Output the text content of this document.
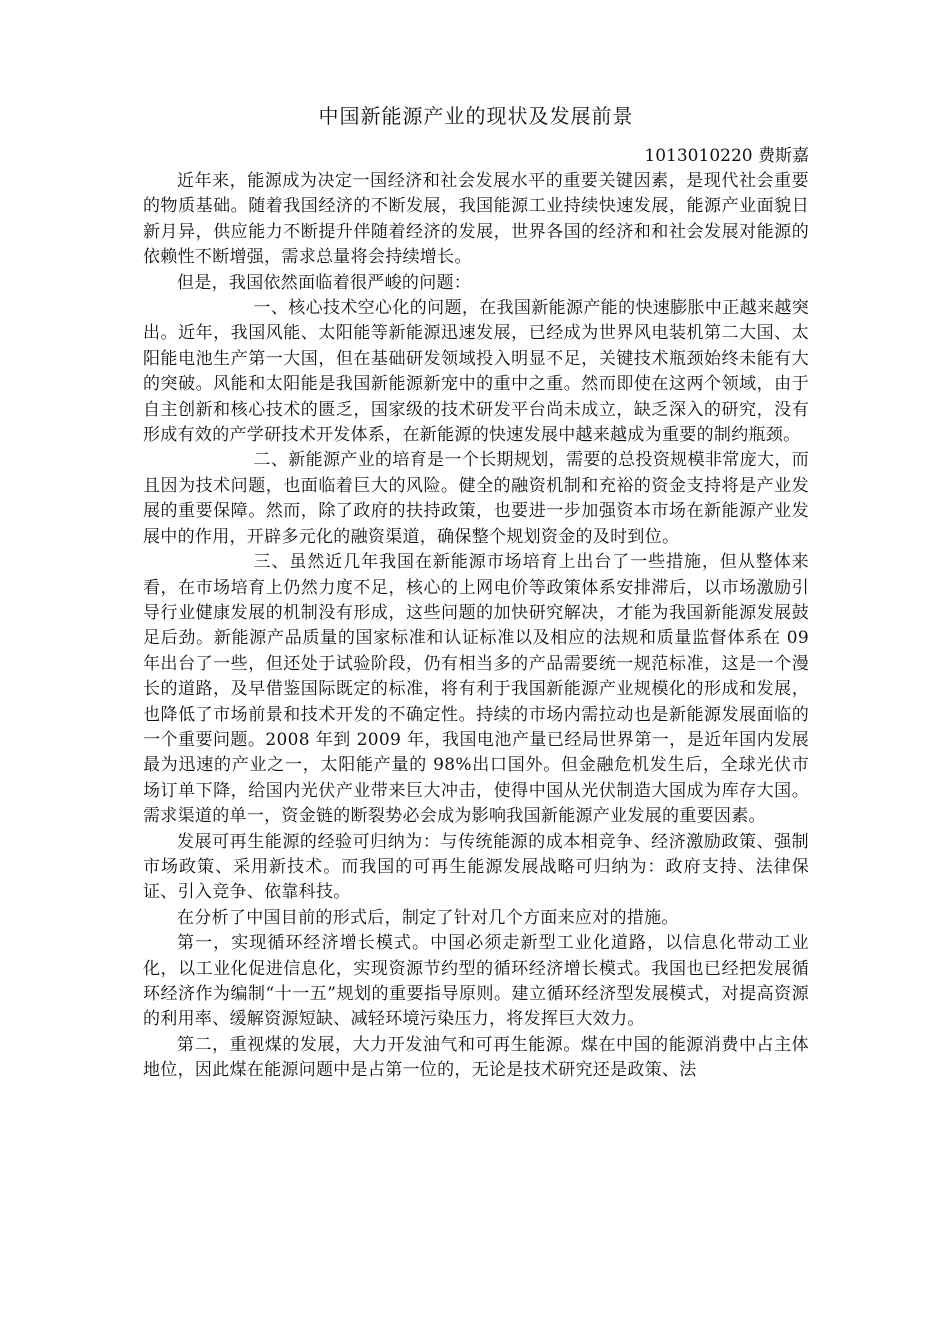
中国新能源产业的现状及发展前景

1013010220 费斯嘉

近年来，能源成为决定一国经济和社会发展水平的重要关键因素，是现代社会重要的物质基础。随着我国经济的不断发展，我国能源工业持续快速发展，能源产业面貌日新月异，供应能力不断提升伴随着经济的发展，世界各国的经济和和社会发展对能源的依赖性不断增强，需求总量将会持续增长。

但是，我国依然面临着很严峻的问题：

一、核心技术空心化的问题，在我国新能源产能的快速膨胀中正越来越突出。近年，我国风能、太阳能等新能源迅速发展，已经成为世界风电装机第二大国、太阳能电池生产第一大国，但在基础研发领域投入明显不足，关键技术瓶颈始终未能有大的突破。风能和太阳能是我国新能源新宠中的重中之重。然而即使在这两个领域，由于自主创新和核心技术的匮乏，国家级的技术研发平台尚未成立，缺乏深入的研究，没有形成有效的产学研技术开发体系，在新能源的快速发展中越来越成为重要的制约瓶颈。

二、新能源产业的培育是一个长期规划，需要的总投资规模非常庞大，而且因为技术问题，也面临着巨大的风险。健全的融资机制和充裕的资金支持将是产业发展的重要保障。然而，除了政府的扶持政策，也要进一步加强资本市场在新能源产业发展中的作用，开辟多元化的融资渠道，确保整个规划资金的及时到位。

三、虽然近几年我国在新能源市场培育上出台了一些措施，但从整体来看，在市场培育上仍然力度不足，核心的上网电价等政策体系安排滞后，以市场激励引导行业健康发展的机制没有形成，这些问题的加快研究解决，才能为我国新能源发展鼓足后劲。新能源产品质量的国家标准和认证标准以及相应的法规和质量监督体系在 09 年出台了一些，但还处于试验阶段，仍有相当多的产品需要统一规范标准，这是一个漫长的道路，及早借鉴国际既定的标准，将有利于我国新能源产业规模化的形成和发展，也降低了市场前景和技术开发的不确定性。持续的市场内需拉动也是新能源发展面临的一个重要问题。2008 年到 2009 年，我国电池产量已经局世界第一，是近年国内发展最为迅速的产业之一，太阳能产量的 98%出口国外。但金融危机发生后，全球光伏市场订单下降，给国内光伏产业带来巨大冲击，使得中国从光伏制造大国成为库存大国。需求渠道的单一，资金链的断裂势必会成为影响我国新能源产业发展的重要因素。

发展可再生能源的经验可归纳为：与传统能源的成本相竞争、经济激励政策、强制市场政策、采用新技术。而我国的可再生能源发展战略可归纳为：政府支持、法律保证、引入竞争、依靠科技。

在分析了中国目前的形式后，制定了针对几个方面来应对的措施。

第一，实现循环经济增长模式。中国必须走新型工业化道路，以信息化带动工业化，以工业化促进信息化，实现资源节约型的循环经济增长模式。我国也已经把发展循环经济作为编制“十一五”规划的重要指导原则。建立循环经济型发展模式，对提高资源的利用率、缓解资源短缺、减轻环境污染压力，将发挥巨大效力。

第二，重视煤的发展，大力开发油气和可再生能源。煤在中国的能源消费中占主体地位，因此煤在能源问题中是占第一位的，无论是技术研究还是政策、法
